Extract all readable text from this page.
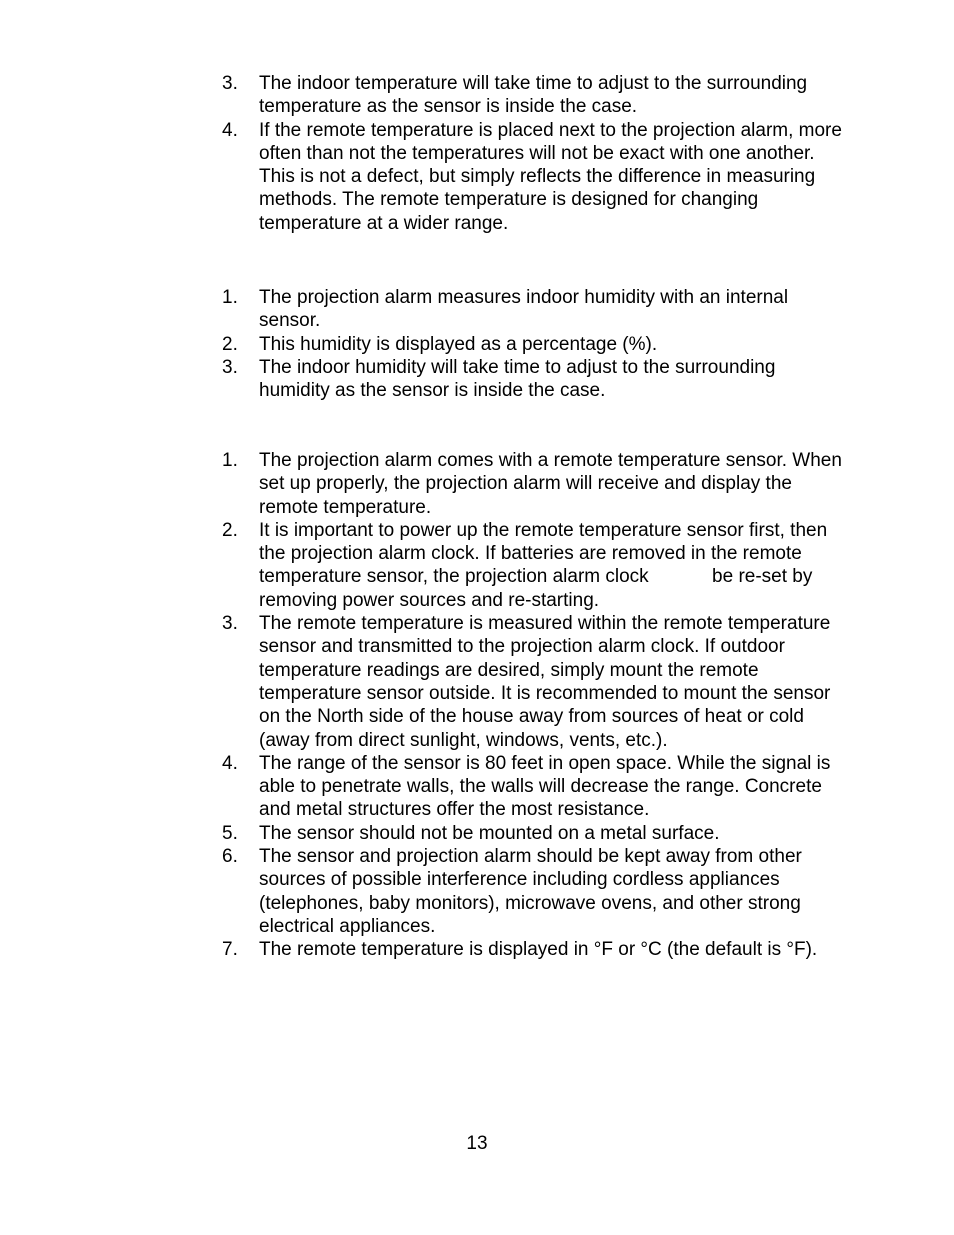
3. The indoor temperature will take time to adjust to the surrounding temperature as the sensor is inside the case.
4. If the remote temperature is placed next to the projection alarm, more often than not the temperatures will not be exact with one another. This is not a defect, but simply reflects the difference in measuring methods. The remote temperature is designed for changing temperature at a wider range.
1. The projection alarm measures indoor humidity with an internal sensor.
2. This humidity is displayed as a percentage (%).
3. The indoor humidity will take time to adjust to the surrounding humidity as the sensor is inside the case.
1. The projection alarm comes with a remote temperature sensor. When set up properly, the projection alarm will receive and display the remote temperature.
2. It is important to power up the remote temperature sensor first, then the projection alarm clock. If batteries are removed in the remote temperature sensor, the projection alarm clock            be re-set by removing power sources and re-starting.
3. The remote temperature is measured within the remote temperature sensor and transmitted to the projection alarm clock. If outdoor temperature readings are desired, simply mount the remote temperature sensor outside. It is recommended to mount the sensor on the North side of the house away from sources of heat or cold (away from direct sunlight, windows, vents, etc.).
4. The range of the sensor is 80 feet in open space. While the signal is able to penetrate walls, the walls will decrease the range. Concrete and metal structures offer the most resistance.
5. The sensor should not be mounted on a metal surface.
6. The sensor and projection alarm should be kept away from other sources of possible interference including cordless appliances (telephones, baby monitors), microwave ovens, and other strong electrical appliances.
7. The remote temperature is displayed in °F or °C (the default is °F).
13
